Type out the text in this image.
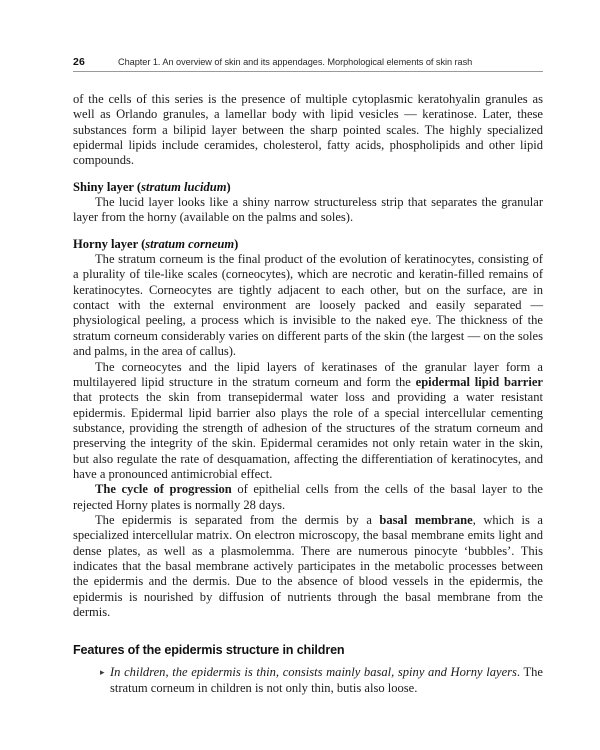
26	Chapter 1. An overview of skin and its appendages. Morphological elements of skin rash

of the cells of this series is the presence of multiple cytoplasmic keratohyalin granules as well as Orlando granules, a lamellar body with lipid vesicles — keratinose. Later, these substances form a bilipid layer between the sharp pointed scales. The highly specialized epidermal lipids include ceramides, cholesterol, fatty acids, phospholipids and other lipid compounds.

Shiny layer (stratum lucidum)

The lucid layer looks like a shiny narrow structureless strip that separates the granular layer from the horny (available on the palms and soles).

Horny layer (stratum corneum)

The stratum corneum is the final product of the evolution of keratinocytes, consisting of a plurality of tile-like scales (corneocytes), which are necrotic and keratin-filled remains of keratinocytes. Corneocytes are tightly adjacent to each other, but on the surface, are in contact with the external environment are loosely packed and easily separated — physiological peeling, a process which is invisible to the naked eye. The thickness of the stratum corneum considerably varies on different parts of the skin (the largest — on the soles and palms, in the area of callus).

The corneocytes and the lipid layers of keratinases of the granular layer form a multilayered lipid structure in the stratum corneum and form the epidermal lipid barrier that protects the skin from transepidermal water loss and providing a water resistant epidermis. Epidermal lipid barrier also plays the role of a special intercellular cementing substance, providing the strength of adhesion of the structures of the stratum corneum and preserving the integrity of the skin. Epidermal ceramides not only retain water in the skin, but also regulate the rate of desquamation, affecting the differentiation of keratinocytes, and have a pronounced antimicrobial effect.

The cycle of progression of epithelial cells from the cells of the basal layer to the rejected Horny plates is normally 28 days.

The epidermis is separated from the dermis by a basal membrane, which is a specialized intercellular matrix. On electron microscopy, the basal membrane emits light and dense plates, as well as a plasmolemma. There are numerous pinocyte ‘bubbles’. This indicates that the basal membrane actively participates in the metabolic processes between the epidermis and the dermis. Due to the absence of blood vessels in the epidermis, the epidermis is nourished by diffusion of nutrients through the basal membrane from the dermis.

Features of the epidermis structure in children
▸ In children, the epidermis is thin, consists mainly basal, spiny and Horny layers. The stratum corneum in children is not only thin, butis also loose.
